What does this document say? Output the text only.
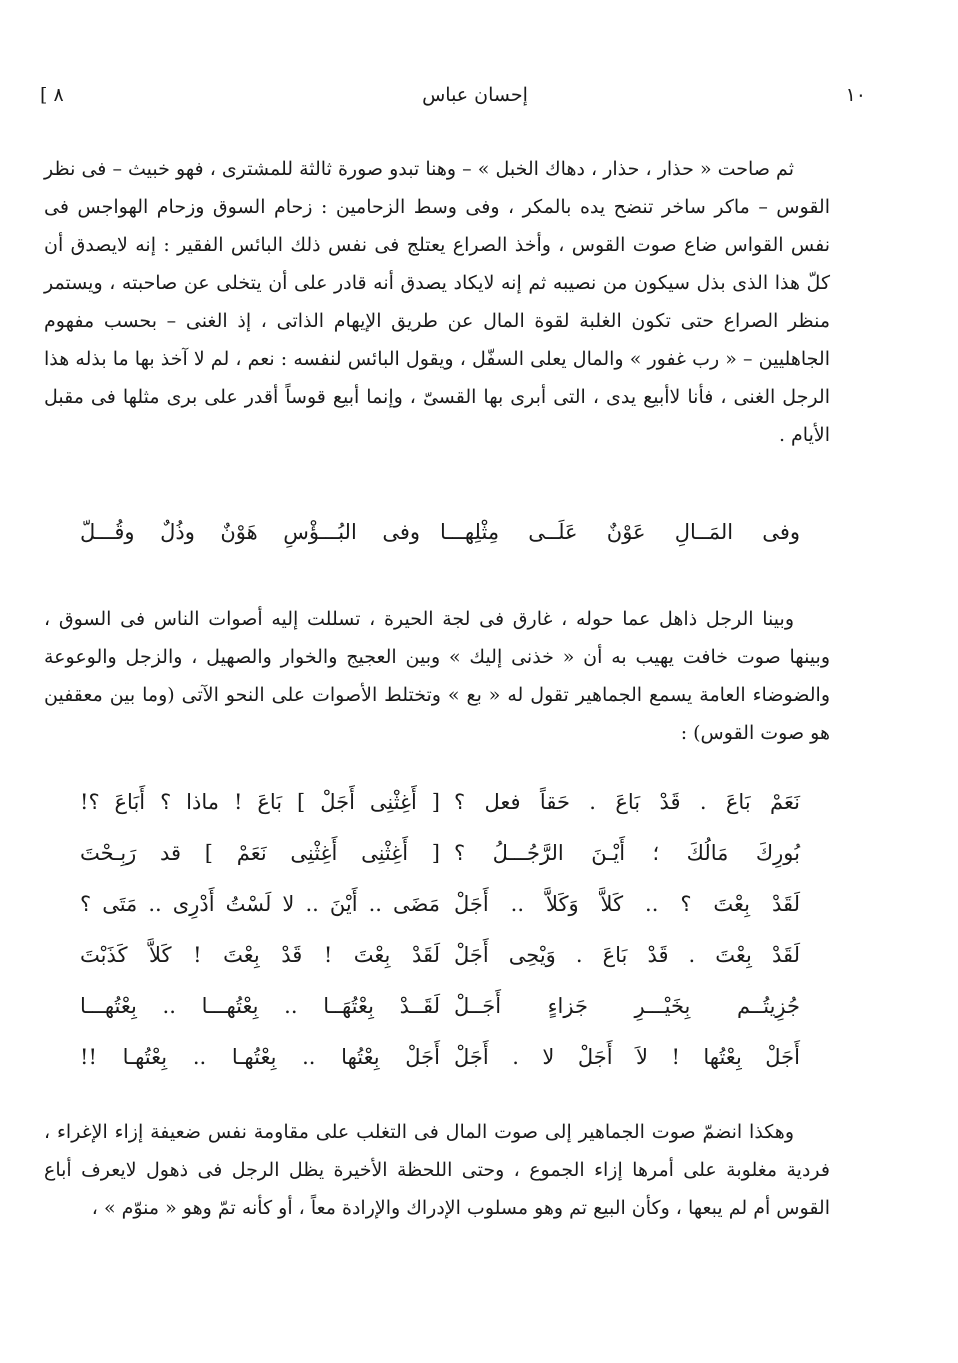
١٠
إحسان عباس
[ ٨

ثم صاحت « حذار ، حذار ، دهاك الخبل » – وهنا تبدو صورة ثالثة للمشترى ، فهو خبيث – فى نظر القوس – ماكر ساخر تنضح يده بالمكر ، وفى وسط الزحامين : زحام السوق وزحام الهواجس فى نفس القواس ضاع صوت القوس ، وأخذ الصراع يعتلج فى نفس ذلك البائس الفقير : إنه لايصدق أن كلّ هذا الذى بذل سيكون من نصيبه ثم إنه لايكاد يصدق أنه قادر على أن يتخلى عن صاحبته ، ويستمر منظر الصراع حتى تكون الغلبة لقوة المال عن طريق الإيهام الذاتى ، إذ الغنى – بحسب مفهوم الجاهليين – « رب غفور » والمال يعلى السفّل ، ويقول البائس لنفسه : نعم ، لم لا آخذ بها ما بذله هذا الرجل الغنى ، فأنا لاأبيع يدى ، التى أبرى بها القسىّ ، وإنما أبيع قوساً أقدر على برى مثلها فى مقبل الأيام .

وفى المَــالِ عَوْنٌ عَلَــى مِثْلِهـــا
وفى البُـــؤْسِ هَوْنٌ وذُلٌ وقُـــلّ

وبينا الرجل ذاهل عما حوله ، غارق فى لجة الحيرة ، تسللت إليه أصوات الناس فى السوق ، وبينها صوت خافت يهيب به أن « خذنى إليك » وبين العجيج والخوار والصهيل ، والزجل والوعوعة والضوضاء العامة يسمع الجماهير تقول له « بع » وتختلط الأصوات على النحو الآتى (وما بين معقفين هو صوت القوس) :

نَعَمْ بَاعَ . قَدْ بَاعَ . حَقاً فعل ؟
[ أَغِثْنِى أَجَلْ ] بَاعَ ! ماذا ؟ أَبَاعَ ؟!
بُورِكَ مَالُكَ ؛ أَيْـنَ الرَّجُـــلُ ؟
[ أَغِثْنِى أَغِثْنِى نَعَمْ ] قد رَبِـحْتَ
لَقَدْ بِعْتَ ؟ .. كَلاَّ وَكَلاَّ .. أَجَلْ
مَضَى .. أَيْنَ .. لا لَسْتُ أَدْرِى .. مَتَى ؟
لَقَدْ بِعْتَ . قَدْ بَاعَ . وَيْحِى أَجَلْ
لَقَدْ بِعْتَ ! قَدْ بِعْتَ ! كَلاَّ كَذَبْتَ
جُزِيتُــم بِخَيْـــرِ جَزاءٍ أَجَــلْ
لَقَــدْ بِعْتُهَــا .. بِعْتُهـــا .. بِعْتُهـــا
أَجَلْ بِعْتُها ! لاَ أَجَلْ لا . أَجَلْ
أَجَلْ بِعْتُها .. بِعْتُهـا .. بِعْتُهـا !!

وهكذا انضمّ صوت الجماهير إلى صوت المال فى التغلب على مقاومة نفس ضعيفة إزاء الإغراء ، فردية مغلوبة على أمرها إزاء الجموع ، وحتى اللحظة الأخيرة يظل الرجل فى ذهول لايعرف أباع القوس أم لم يبعها ، وكأن البيع تم وهو مسلوب الإدراك والإرادة معاً ، أو كأنه تمّ وهو « منوّم » ،
